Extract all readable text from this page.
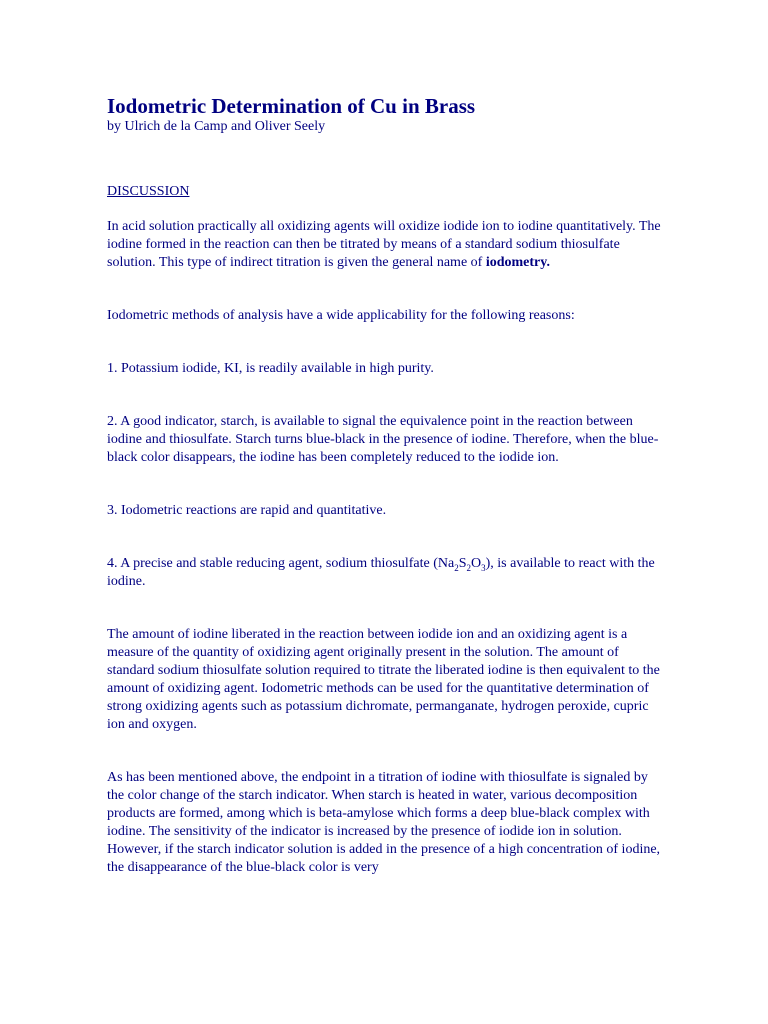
Iodometric Determination of Cu in Brass

by Ulrich de la Camp and Oliver Seely

DISCUSSION

In acid solution practically all oxidizing agents will oxidize iodide ion to iodine quantitatively. The iodine formed in the reaction can then be titrated by means of a standard sodium thiosulfate solution. This type of indirect titration is given the general name of iodometry.

Iodometric methods of analysis have a wide applicability for the following reasons:

1. Potassium iodide, KI, is readily available in high purity.

2. A good indicator, starch, is available to signal the equivalence point in the reaction between iodine and thiosulfate. Starch turns blue-black in the presence of iodine. Therefore, when the blue-black color disappears, the iodine has been completely reduced to the iodide ion.

3. Iodometric reactions are rapid and quantitative.

4. A precise and stable reducing agent, sodium thiosulfate $(Na_2S_2O_3)$, is available to react with the iodine.

The amount of iodine liberated in the reaction between iodide ion and an oxidizing agent is a measure of the quantity of oxidizing agent originally present in the solution. The amount of standard sodium thiosulfate solution required to titrate the liberated iodine is then equivalent to the amount of oxidizing agent. Iodometric methods can be used for the quantitative determination of strong oxidizing agents such as potassium dichromate, permanganate, hydrogen peroxide, cupric ion and oxygen.

As has been mentioned above, the endpoint in a titration of iodine with thiosulfate is signaled by the color change of the starch indicator. When starch is heated in water, various decomposition products are formed, among which is beta-amylose which forms a deep blue-black complex with iodine. The sensitivity of the indicator is increased by the presence of iodide ion in solution. However, if the starch indicator solution is added in the presence of a high concentration of iodine, the disappearance of the blue-black color is very
